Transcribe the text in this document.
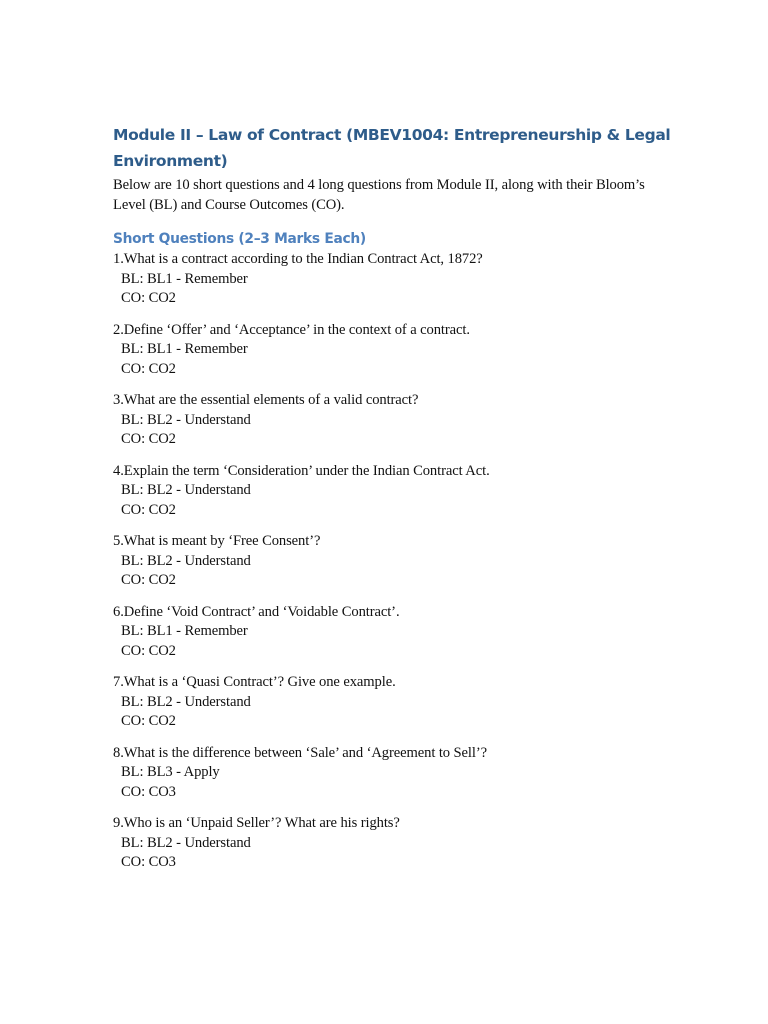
Module II – Law of Contract (MBEV1004: Entrepreneurship & Legal Environment)

Below are 10 short questions and 4 long questions from Module II, along with their Bloom’s Level (BL) and Course Outcomes (CO).

Short Questions (2–3 Marks Each)
1.What is a contract according to the Indian Contract Act, 1872?
BL: BL1 - Remember
CO: CO2
2.Define ‘Offer’ and ‘Acceptance’ in the context of a contract.
BL: BL1 - Remember
CO: CO2
3.What are the essential elements of a valid contract?
BL: BL2 - Understand
CO: CO2
4.Explain the term ‘Consideration’ under the Indian Contract Act.
BL: BL2 - Understand
CO: CO2
5.What is meant by ‘Free Consent’?
BL: BL2 - Understand
CO: CO2
6.Define ‘Void Contract’ and ‘Voidable Contract’.
BL: BL1 - Remember
CO: CO2
7.What is a ‘Quasi Contract’? Give one example.
BL: BL2 - Understand
CO: CO2
8.What is the difference between ‘Sale’ and ‘Agreement to Sell’?
BL: BL3 - Apply
CO: CO3
9.Who is an ‘Unpaid Seller’? What are his rights?
BL: BL2 - Understand
CO: CO3
